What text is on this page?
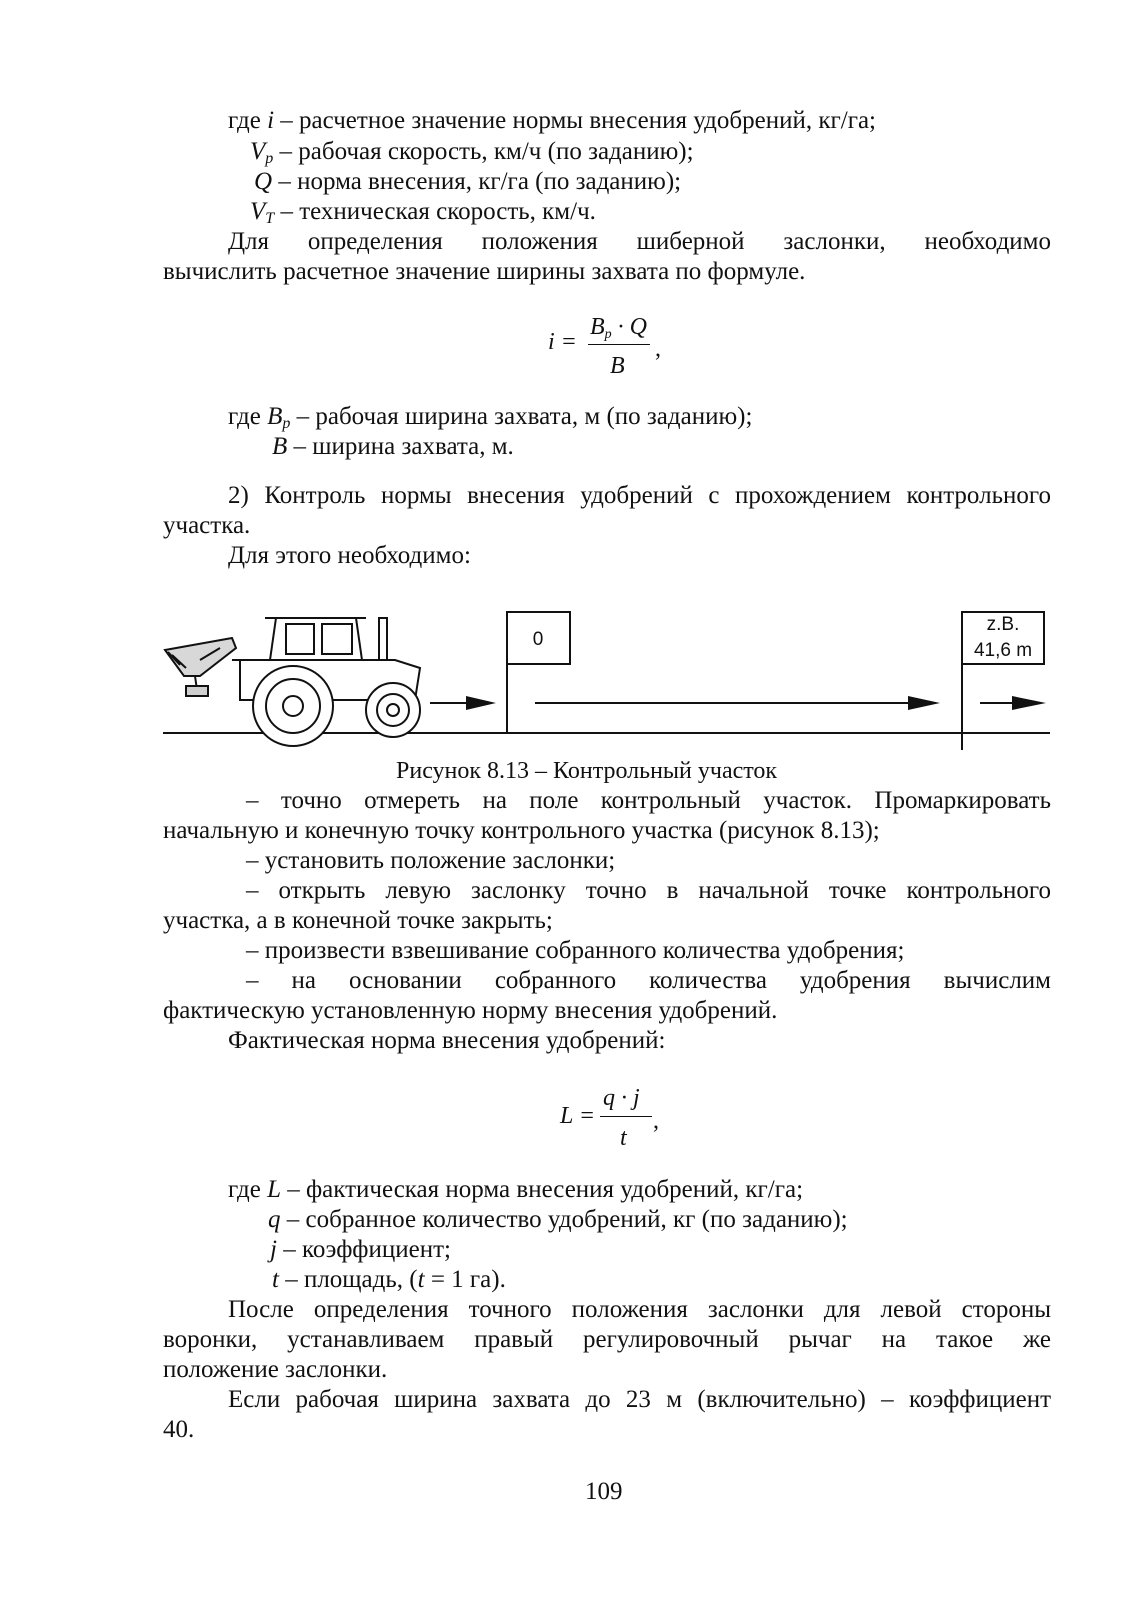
где i – расчетное значение нормы внесения удобрений, кг/га;
$V_p$ – рабочая скорость, км/ч (по заданию);
Q – норма внесения, кг/га (по заданию);
$V_T$ – техническая скорость, км/ч.
Для определения положения шиберной заслонки, необходимо
вычислить расчетное значение ширины захвата по формуле.
i =
Bp · Q
B
,
где $B_p$ – рабочая ширина захвата, м (по заданию);
B – ширина захвата, м.
2) Контроль нормы внесения удобрений с прохождением контрольного
участка.
Для этого необходимо:
0
z.B.
41,6 m
Рисунок 8.13 – Контрольный участок
– точно отмереть на поле контрольный участок. Промаркировать
начальную и конечную точку контрольного участка (рисунок 8.13);
– установить положение заслонки;
– открыть левую заслонку точно в начальной точке контрольного
участка, а в конечной точке закрыть;
– произвести взвешивание собранного количества удобрения;
– на основании собранного количества удобрения вычислим
фактическую установленную норму внесения удобрений.
Фактическая норма внесения удобрений:
L =
q · j
t
,
где L – фактическая норма внесения удобрений, кг/га;
q – собранное количество удобрений, кг (по заданию);
j – коэффициент;
t – площадь, (t = 1 га).
После определения точного положения заслонки для левой стороны
воронки, устанавливаем правый регулировочный рычаг на такое же
положение заслонки.
Если рабочая ширина захвата до 23 м (включительно) – коэффициент
40.
109
